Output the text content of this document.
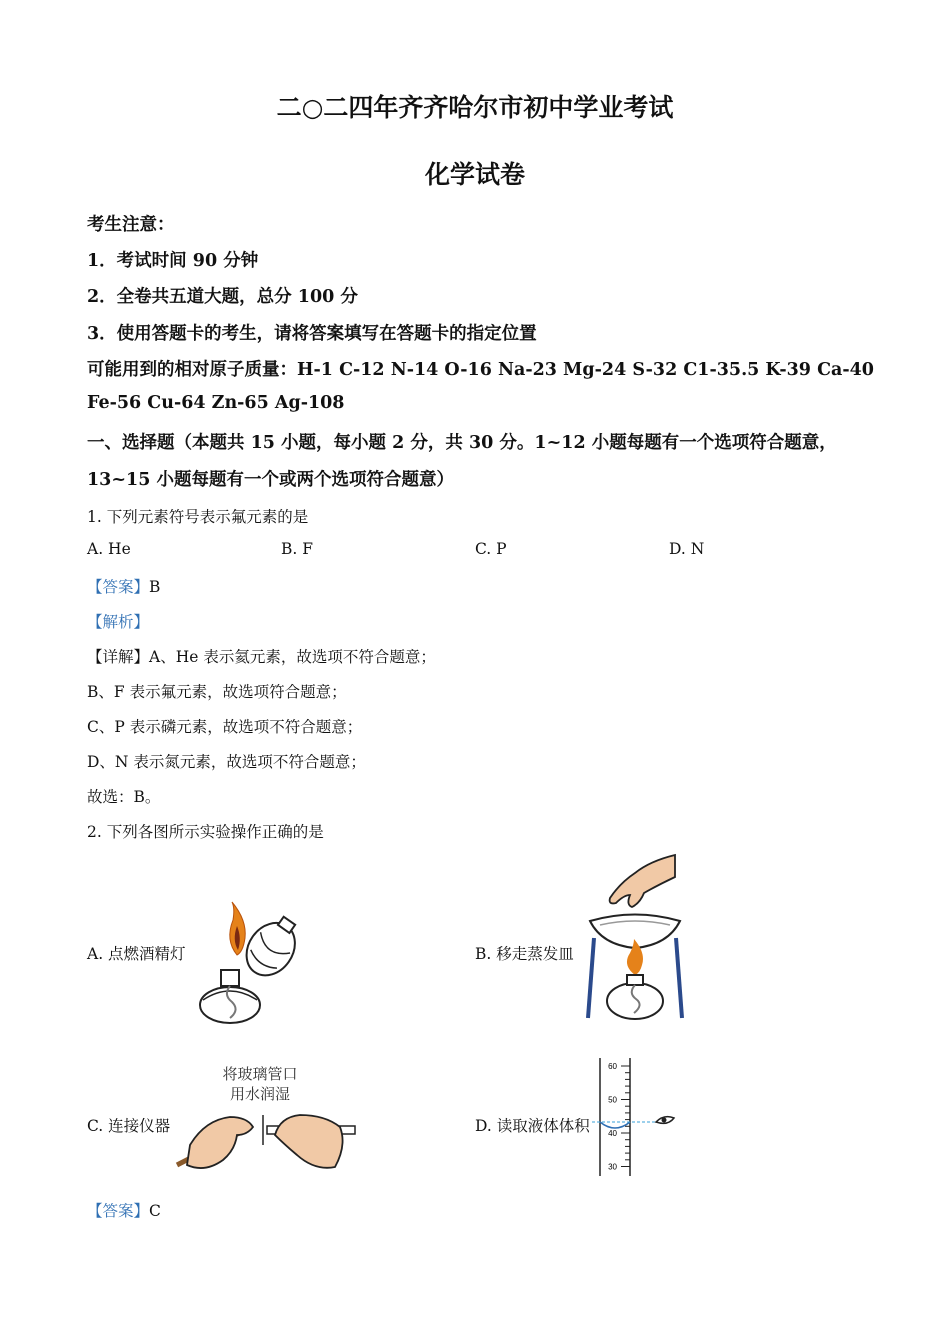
二○二四年齐齐哈尔市初中学业考试
化学试卷
考生注意：
1．考试时间 90 分钟
2．全卷共五道大题，总分 100 分
3．使用答题卡的考生，请将答案填写在答题卡的指定位置
可能用到的相对原子质量：H-1 C-12 N-14 O-16 Na-23 Mg-24 S-32 C1-35.5 K-39 Ca-40
Fe-56 Cu-64 Zn-65 Ag-108
一、选择题（本题共 15 小题，每小题 2 分，共 30 分。1~12 小题每题有一个选项符合题意，
13~15 小题每题有一个或两个选项符合题意）
1. 下列元素符号表示氟元素的是
A. He	B. F	C. P	D. N
【答案】B
【解析】
【详解】A、He 表示氦元素，故选项不符合题意；
B、F 表示氟元素，故选项符合题意；
C、P 表示磷元素，故选项不符合题意；
D、N 表示氮元素，故选项不符合题意；
故选：B。
2. 下列各图所示实验操作正确的是
A. 点燃酒精灯	B. 移走蒸发皿
C. 连接仪器	D. 读取液体体积
将玻璃管口
用水润湿
60
50
40
30
【答案】C
